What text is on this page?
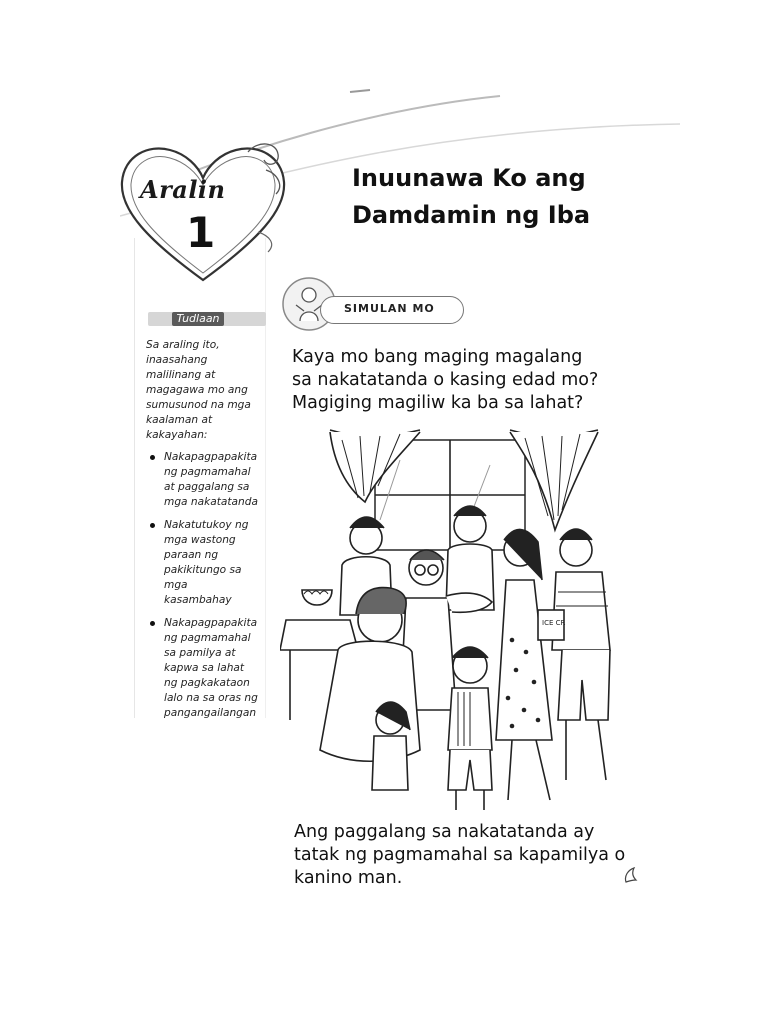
Aralin
1
Inuunawa Ko ang
Damdamin ng Iba
Tudlaan

Sa araling ito, inaasahang malilinang at magagawa mo ang sumusunod na mga kaalaman at kakayahan:

Nakapagpapakita ng pagmamahal at paggalang sa mga nakatatanda
Nakatutukoy ng mga wastong paraan ng pakikitungo sa mga kasambahay
Nakapagpapakita ng pagmamahal sa pamilya at kapwa sa lahat ng pagkakataon lalo na sa oras ng pangangailangan
SIMULAN MO
Kaya mo bang maging magalang
sa nakatatanda o kasing edad mo?
Magiging magiliw ka ba sa lahat?
ICE CR
Ang paggalang sa nakatatanda ay
tatak ng pagmamahal sa kapamilya o
kanino man.
